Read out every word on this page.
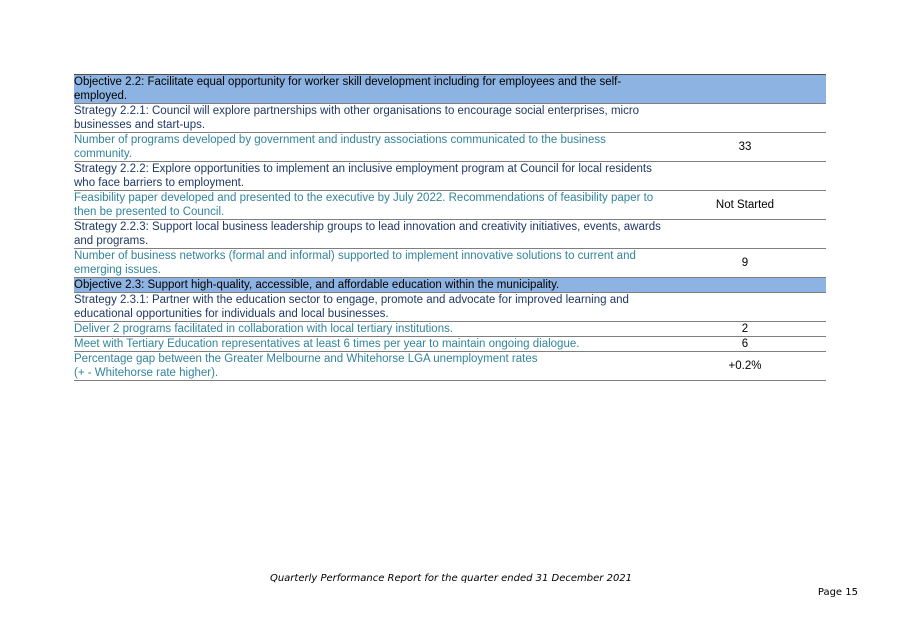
Objective 2.2: Facilitate equal opportunity for worker skill development including for employees and the self-employed.	
Strategy 2.2.1: Council will explore partnerships with other organisations to encourage social enterprises, micro businesses and start-ups.	
Number of programs developed by government and industry associations communicated to the business community.	33
Strategy 2.2.2: Explore opportunities to implement an inclusive employment program at Council for local residents who face barriers to employment.	
Feasibility paper developed and presented to the executive by July 2022. Recommendations of feasibility paper to then be presented to Council.	Not Started
Strategy 2.2.3: Support local business leadership groups to lead innovation and creativity initiatives, events, awards and programs.	
Number of business networks (formal and informal) supported to implement innovative solutions to current and emerging issues.	9
Objective 2.3: Support high-quality, accessible, and affordable education within the municipality.	
Strategy 2.3.1: Partner with the education sector to engage, promote and advocate for improved learning and educational opportunities for individuals and local businesses.	
Deliver 2 programs facilitated in collaboration with local tertiary institutions.	2
Meet with Tertiary Education representatives at least 6 times per year to maintain ongoing dialogue.	6
Percentage gap between the Greater Melbourne and Whitehorse LGA unemployment rates
(+ - Whitehorse rate higher).	+0.2%
Quarterly Performance Report for the quarter ended 31 December 2021
Page 15
